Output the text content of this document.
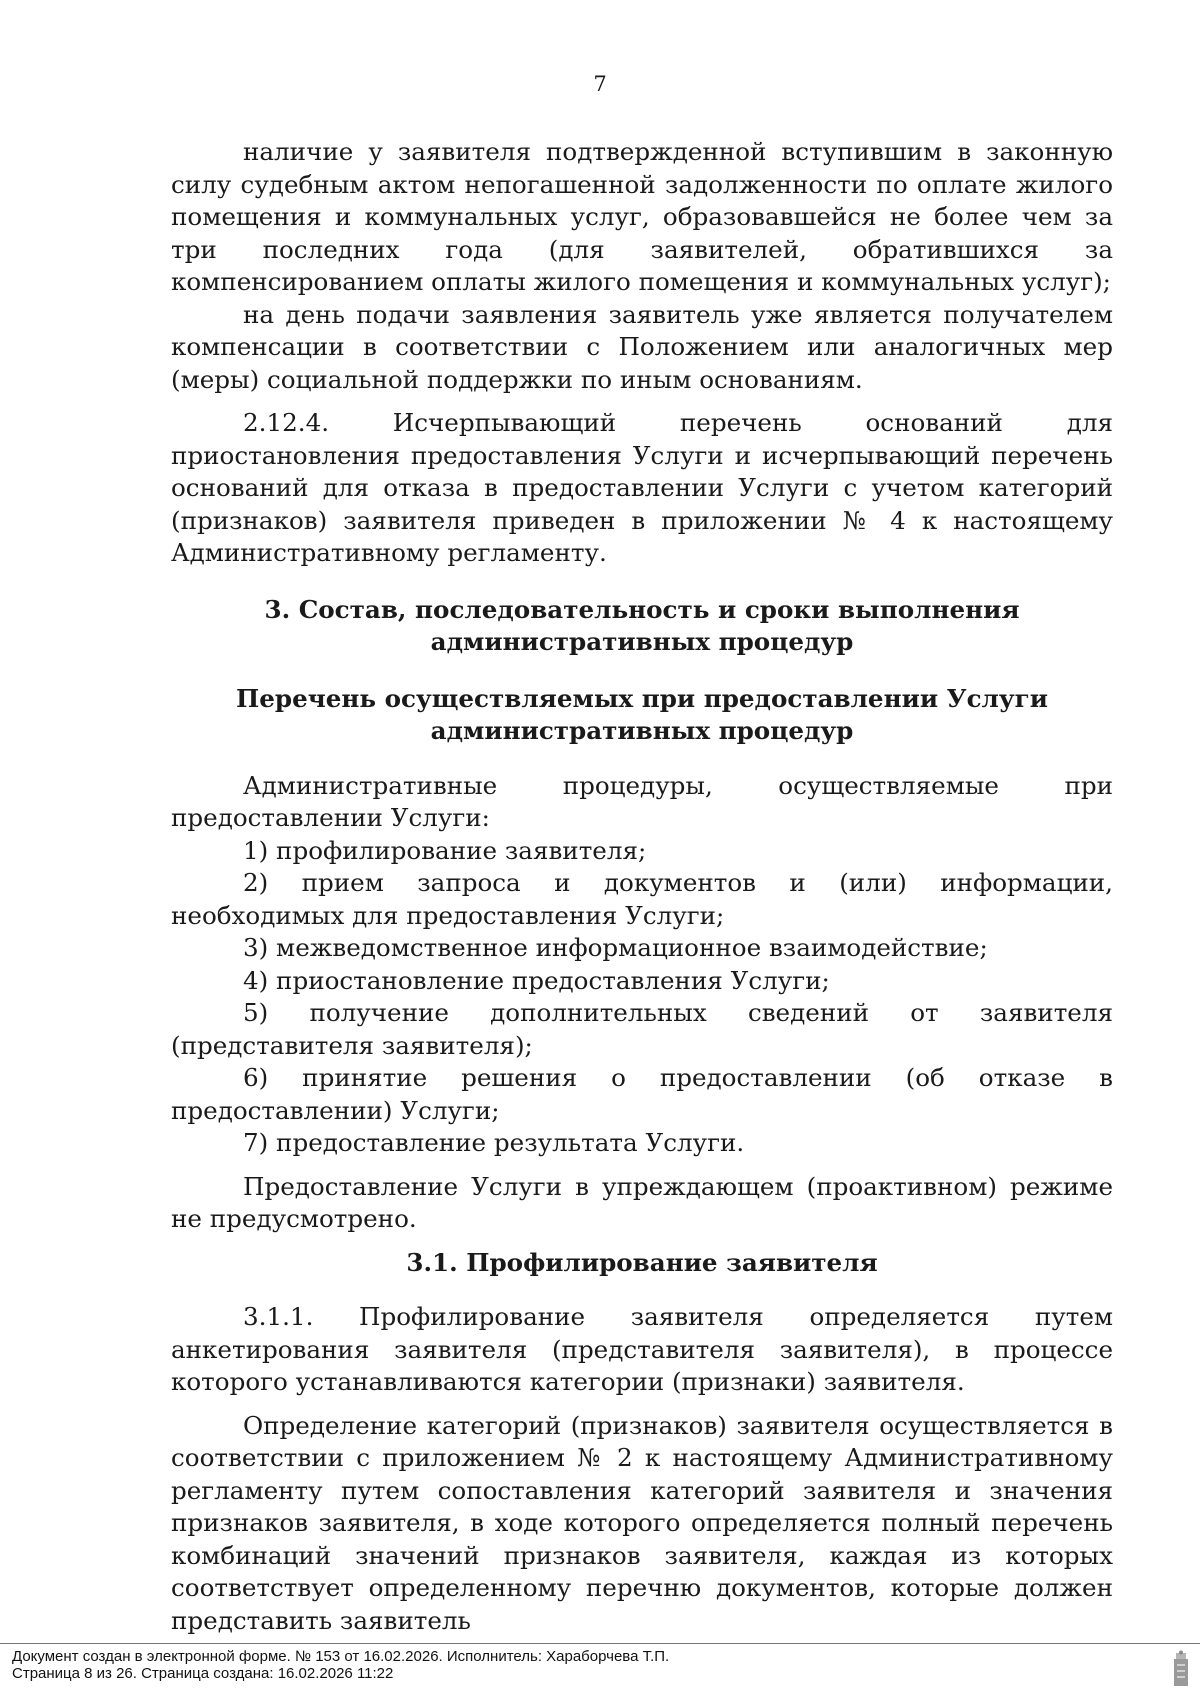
7

наличие у заявителя подтвержденной вступившим в законную силу судебным актом непогашенной задолженности по оплате жилого помещения и коммунальных услуг, образовавшейся не более чем за три последних года (для заявителей, обратившихся за компенсированием оплаты жилого помещения и коммунальных услуг);

на день подачи заявления заявитель уже является получателем компенсации в соответствии с Положением или аналогичных мер (меры) социальной поддержки по иным основаниям.

2.12.4. Исчерпывающий перечень оснований для приостановления предоставления Услуги и исчерпывающий перечень оснований для отказа в предоставлении Услуги с учетом категорий (признаков) заявителя приведен в приложении № 4 к настоящему Административному регламенту.

3. Состав, последовательность и сроки выполнения административных процедур

Перечень осуществляемых при предоставлении Услуги административных процедур

Административные процедуры, осуществляемые при предоставлении Услуги:

1) профилирование заявителя;

2) прием запроса и документов и (или) информации, необходимых для предоставления Услуги;

3) межведомственное информационное взаимодействие;

4) приостановление предоставления Услуги;

5) получение дополнительных сведений от заявителя (представителя заявителя);

6) принятие решения о предоставлении (об отказе в предоставлении) Услуги;

7) предоставление результата Услуги.

Предоставление Услуги в упреждающем (проактивном) режиме не предусмотрено.

3.1. Профилирование заявителя

3.1.1. Профилирование заявителя определяется путем анкетирования заявителя (представителя заявителя), в процессе которого устанавливаются категории (признаки) заявителя.

Определение категорий (признаков) заявителя осуществляется в соответствии с приложением № 2 к настоящему Административному регламенту путем сопоставления категорий заявителя и значения признаков заявителя, в ходе которого определяется полный перечень комбинаций значений признаков заявителя, каждая из которых соответствует определенному перечню документов, которые должен представить заявитель

Документ создан в электронной форме. № 153 от 16.02.2026. Исполнитель: Хараборчева Т.П.
Страница 8 из 26. Страница создана: 16.02.2026 11:22
